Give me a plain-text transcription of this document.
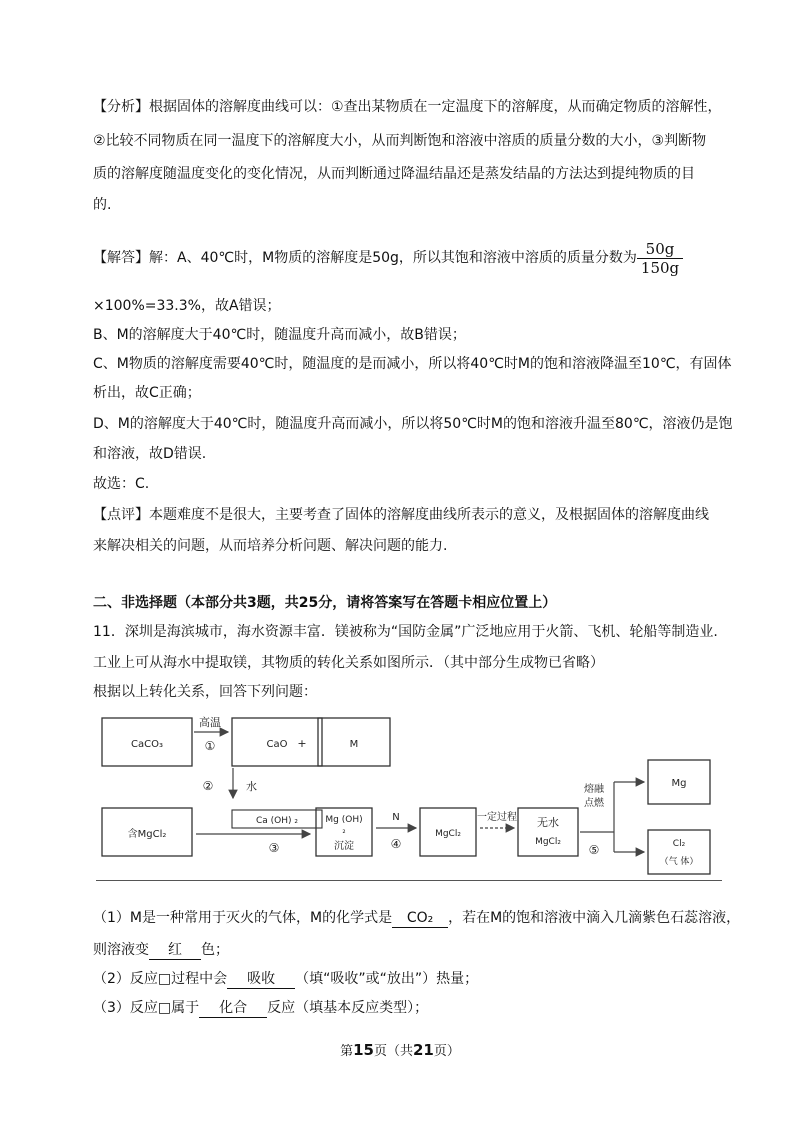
【分析】根据固体的溶解度曲线可以：①查出某物质在一定温度下的溶解度，从而确定物质的溶解性，
②比较不同物质在同一温度下的溶解度大小，从而判断饱和溶液中溶质的质量分数的大小，③判断物
质的溶解度随温度变化的变化情况，从而判断通过降温结晶还是蒸发结晶的方法达到提纯物质的目
的.
【解答】解：A、40℃时，M物质的溶解度是50g，所以其饱和溶液中溶质的质量分数为 $\frac{50g}{150g}$
×100%=33.3%，故A错误；
B、M的溶解度大于40℃时，随温度升高而减小，故B错误；
C、M物质的溶解度需要40℃时，随温度的是而减小，所以将40℃时M的饱和溶液降温至10℃，有固体
析出，故C正确；
D、M的溶解度大于40℃时，随温度升高而减小，所以将50℃时M的饱和溶液升温至80℃，溶液仍是饱
和溶液，故D错误.
故选：C.
【点评】本题难度不是很大，主要考查了固体的溶解度曲线所表示的意义，及根据固体的溶解度曲线
来解决相关的问题，从而培养分析问题、解决问题的能力.
二、非选择题（本部分共3题，共25分，请将答案写在答题卡相应位置上）
11．深圳是海滨城市，海水资源丰富．镁被称为“国防金属”广泛地应用于火箭、飞机、轮船等制造业.
工业上可从海水中提取镁，其物质的转化关系如图所示．（其中部分生成物已省略）
根据以上转化关系，回答下列问题：
CaCO₃
高温
①	CaO +	M
②	水
含MgCl₂
Ca (OH) ₂
③
Mg (OH)
₂
沉淀
N
④
MgCl₂
一定过程 无水
MgCl₂
熔融
点燃
⑤
Mg
Cl₂
（气 体）
（1）M是一种常用于灭火的气体，M的化学式是 CO₂ ，若在M的饱和溶液中滴入几滴紫色石蕊溶液，
则溶液变 红 色；
（2）反应□过程中会 吸收 （填“吸收”或“放出”）热量；
（3）反应□属于 化合 反应（填基本反应类型）；
第15页（共21页）
